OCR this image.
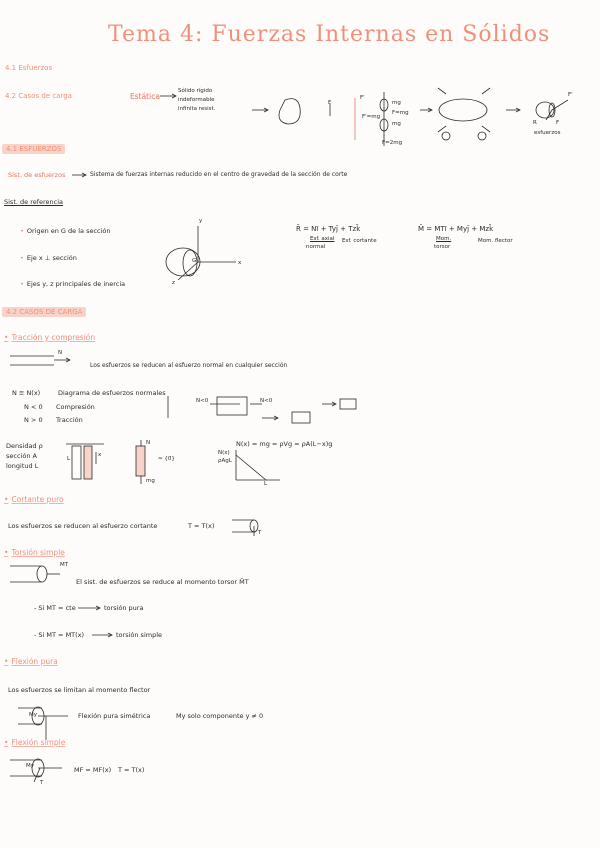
Tema 4: Fuerzas Internas en Sólidos
4.1 Esfuerzos
4.2 Casos de carga	Estática
Sólido rígido
indeformable
infinita resist.
F'
mg
F=mg
mg
F'=mg
F=2mg
F'
R
F
F
esfuerzos
4.1 ESFUERZOS
Sist. de esfuerzos	Sistema de fuerzas internas reducido en el centro de gravedad de la sección de corte
Sist. de referencia
• Origen en G de la sección
• Eje x ⊥ sección
• Ejes y, z principales de inercia
y
G	x
z
R̄ = Nī + Tyj̄ + Tzk̄
Esf. axial
normal
Esf. cortante
M̄ = MTī + Myj̄ + Mzk̄
Mom.
torsor
Mom. flector
4.2 CASOS DE CARGA
• Tracción y compresión
N
Los esfuerzos se reducen al esfuerzo normal en cualquier sección
N ≡ N(x)	Diagrama de esfuerzos normales
N < 0 Compresión
N > 0 Tracción
N<0	N<0
Densidad ρ
sección A
longitud L
L
x
N
≈ {0̄}
mg
N(x) = mg = ρVg = ρA(L−x)g
N(x)
ρAgL
L
• Cortante puro
Los esfuerzos se reducen al esfuerzo cortante	T = T(x)
T
• Torsión simple
MT
El sist. de esfuerzos se reduce al momento torsor M̄T
- Si MT = cte	torsión pura
- Si MT = MT(x)	torsión simple
• Flexión pura
Los esfuerzos se limitan al momento flector
My	Flexión pura simétrica	My solo componente y ≠ 0
• Flexión simple
My
T
MF = MF(x) T = T(x)
